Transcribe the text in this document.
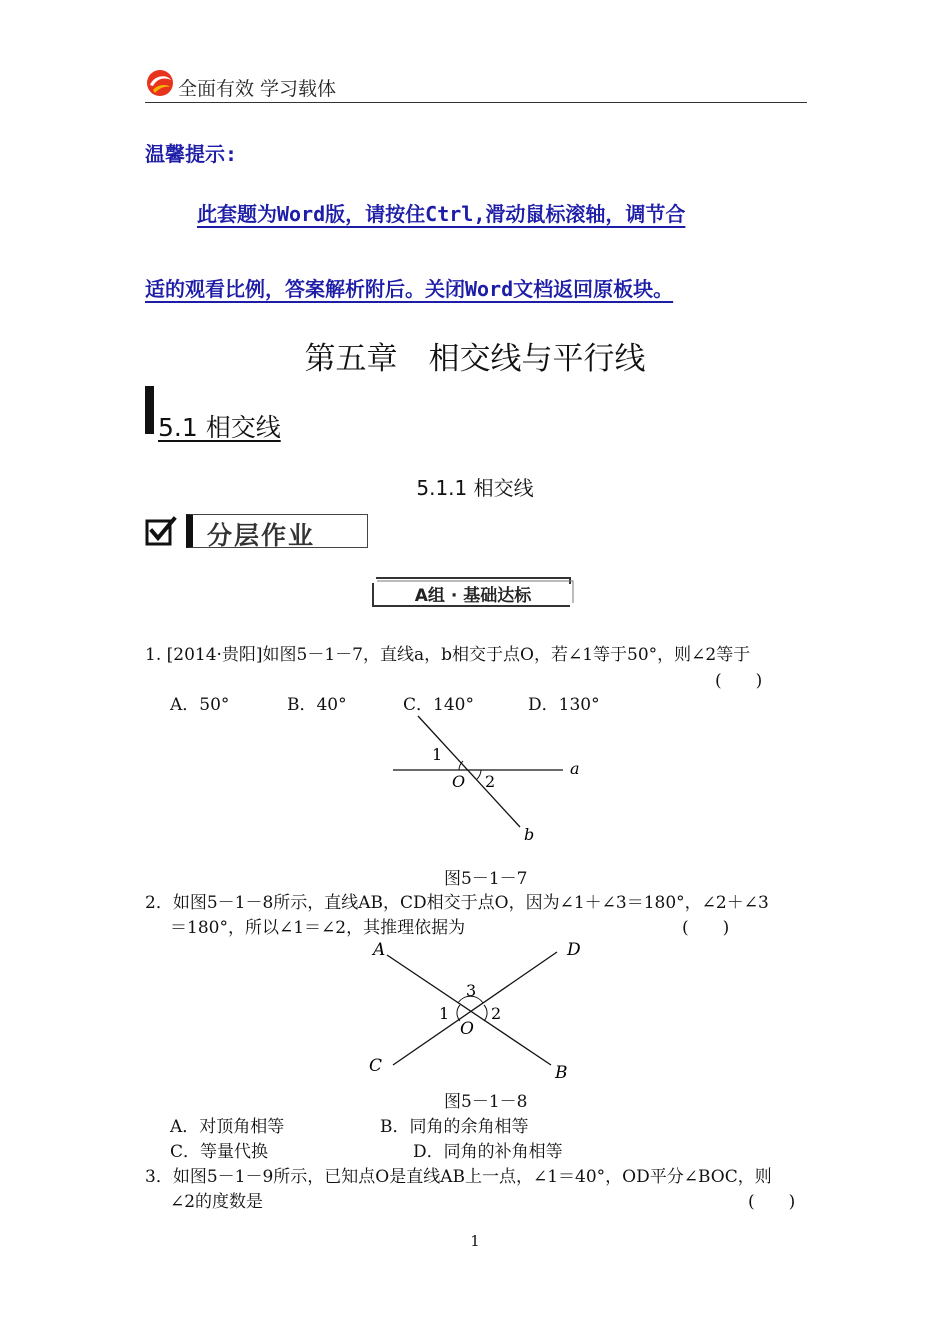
全面有效 学习载体
温馨提示:
此套题为Word版，请按住Ctrl,滑动鼠标滚轴，调节合
适的观看比例，答案解析附后。关闭Word文档返回原板块。
第五章　相交线与平行线
5.1 相交线
5.1.1 相交线
分层作业
A组 · 基础达标
1. [2014·贵阳]如图5－1－7，直线a，b相交于点O，若∠1等于50°，则∠2等于
(　　)
A．50°	B．40°	C．140°	D．130°
1
2
O
a
b
图5－1－7
2．如图5－1－8所示，直线AB，CD相交于点O，因为∠1＋∠3＝180°，∠2＋∠3
＝180°，所以∠1＝∠2，其推理依据为	(　　)
A	D
C	B
O
1	2
3
图5－1－8
A．对顶角相等	B．同角的余角相等
C．等量代换	D．同角的补角相等
3．如图5－1－9所示，已知点O是直线AB上一点，∠1＝40°，OD平分∠BOC，则
∠2的度数是	(　　)
1
